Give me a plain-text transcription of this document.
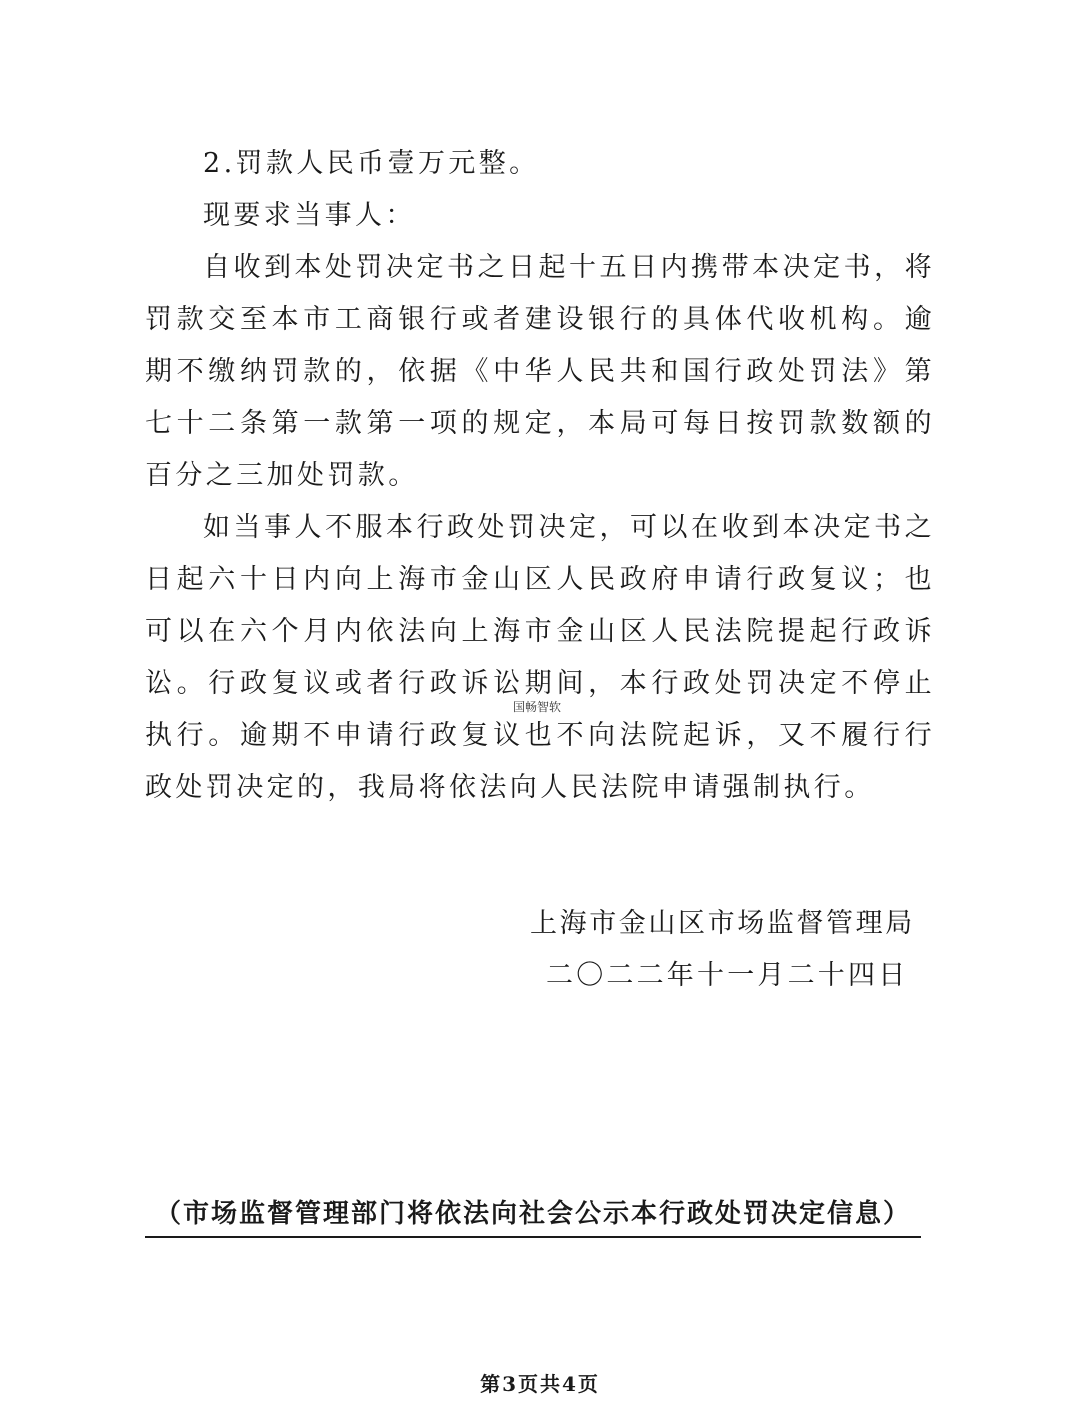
2.罚款人民币壹万元整。

现要求当事人：

自收到本处罚决定书之日起十五日内携带本决定书，将罚款交至本市工商银行或者建设银行的具体代收机构。逾期不缴纳罚款的，依据《中华人民共和国行政处罚法》第七十二条第一款第一项的规定，本局可每日按罚款数额的百分之三加处罚款。

如当事人不服本行政处罚决定，可以在收到本决定书之日起六十日内向上海市金山区人民政府申请行政复议；也可以在六个月内依法向上海市金山区人民法院提起行政诉讼。行政复议或者行政诉讼期间，本行政处罚决定不停止执行。逾期不申请行政复议也不向法院起诉，又不履行行政处罚决定的，我局将依法向人民法院申请强制执行。

国畅智软

上海市金山区市场监督管理局

二〇二二年十一月二十四日

（市场监督管理部门将依法向社会公示本行政处罚决定信息）
第3页共4页
